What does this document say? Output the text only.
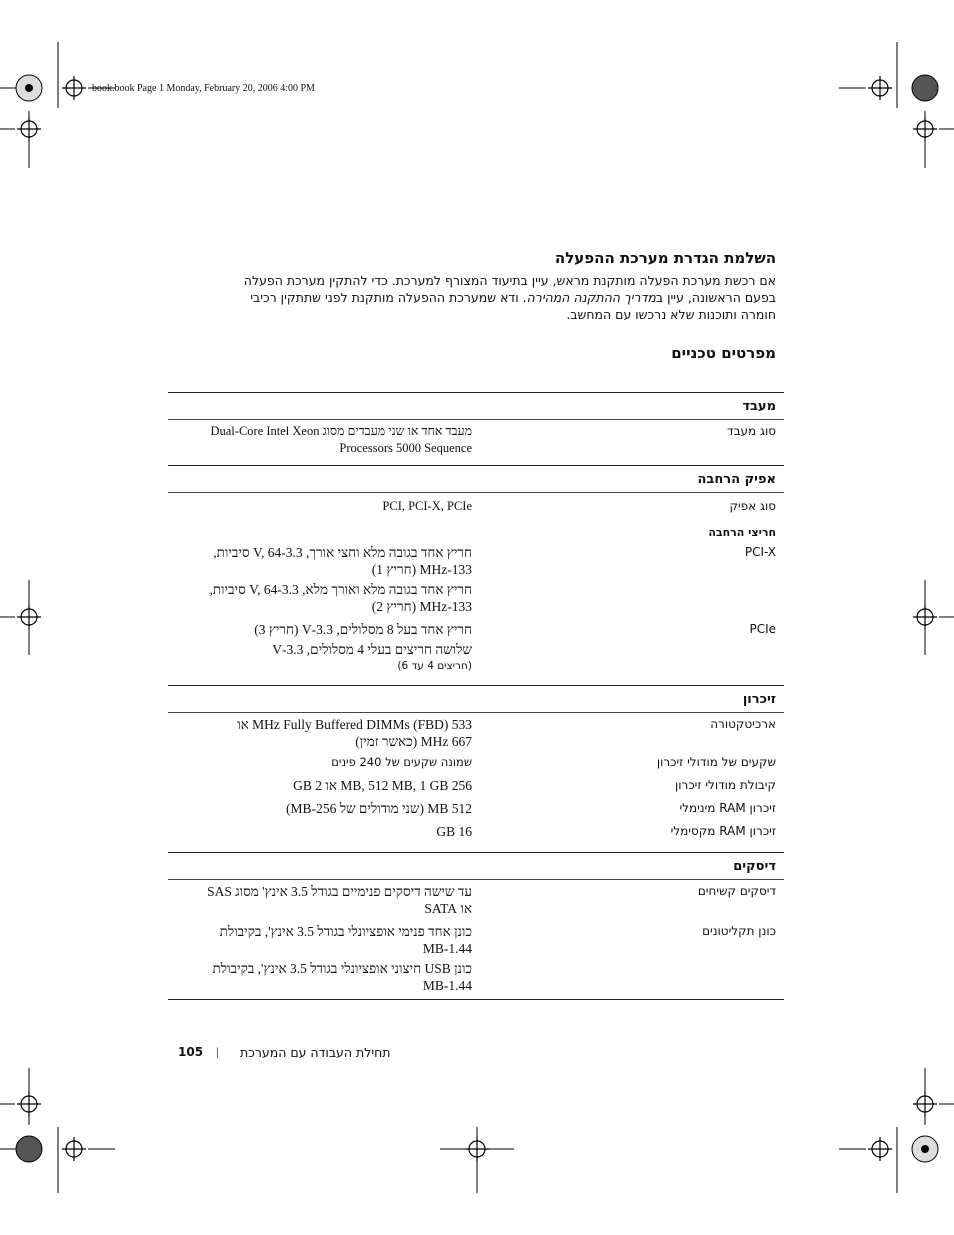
book.book Page 1 Monday, February 20, 2006 4:00 PM
השלמת הגדרת מערכת ההפעלה

אם רכשת מערכת הפעלה מותקנת מראש, עיין בתיעוד המצורף למערכת. כדי להתקין מערכת הפעלה

בפעם הראשונה, עיין במדריך ההתקנה המהירה. ודא שמערכת ההפעלה מותקנת לפני שתתקין רכיבי

חומרה ותוכנות שלא נרכשו עם המחשב.

מפרטים טכניים
מעבד
סוג מעבד
מעבד אחד או שני מעבדים מסוג Dual-Core Intel Xeon
Processors 5000 Sequence
אפיק הרחבה
סוג אפיק
PCI, PCI-X, PCIe
חריצי הרחבה
PCI-X
חריץ אחד בגובה מלא וחצי אורך, 3.3-V, 64 סיביות,
133-MHz (חריץ 1)
חריץ אחד בגובה מלא ואורך מלא, 3.3-V, 64 סיביות,
133-MHz (חריץ 2)
PCIe
חריץ אחד בעל 8 מסלולים, 3.3-V (חריץ 3)
שלושה חריצים בעלי 4 מסלולים, 3.3-V
(חריצים 4 עד 6)
זיכרון
ארכיטקטורה
533 MHz Fully Buffered DIMMs (FBD) או
667 MHz (כאשר זמין)
שקעים של מודולי זיכרון
שמונה שקעים של 240 פינים
קיבולת מודולי זיכרון
256 MB, 512 MB, 1 GB או 2 GB
זיכרון RAM מינימלי
512 MB (שני מודולים של 256-MB)
זיכרון RAM מקסימלי
16 GB
דיסקים
דיסקים קשיחים
עד שישה דיסקים פנימיים בגודל 3.5 אינץ' מסוג SAS
או SATA
כונן תקליטונים
כונן אחד פנימי אופציונלי בגודל 3.5 אינץ', בקיבולת
1.44-MB
כונן USB חיצוני אופציונלי בגודל 3.5 אינץ', בקיבולת
1.44-MB
105 | תחילת העבודה עם המערכת
